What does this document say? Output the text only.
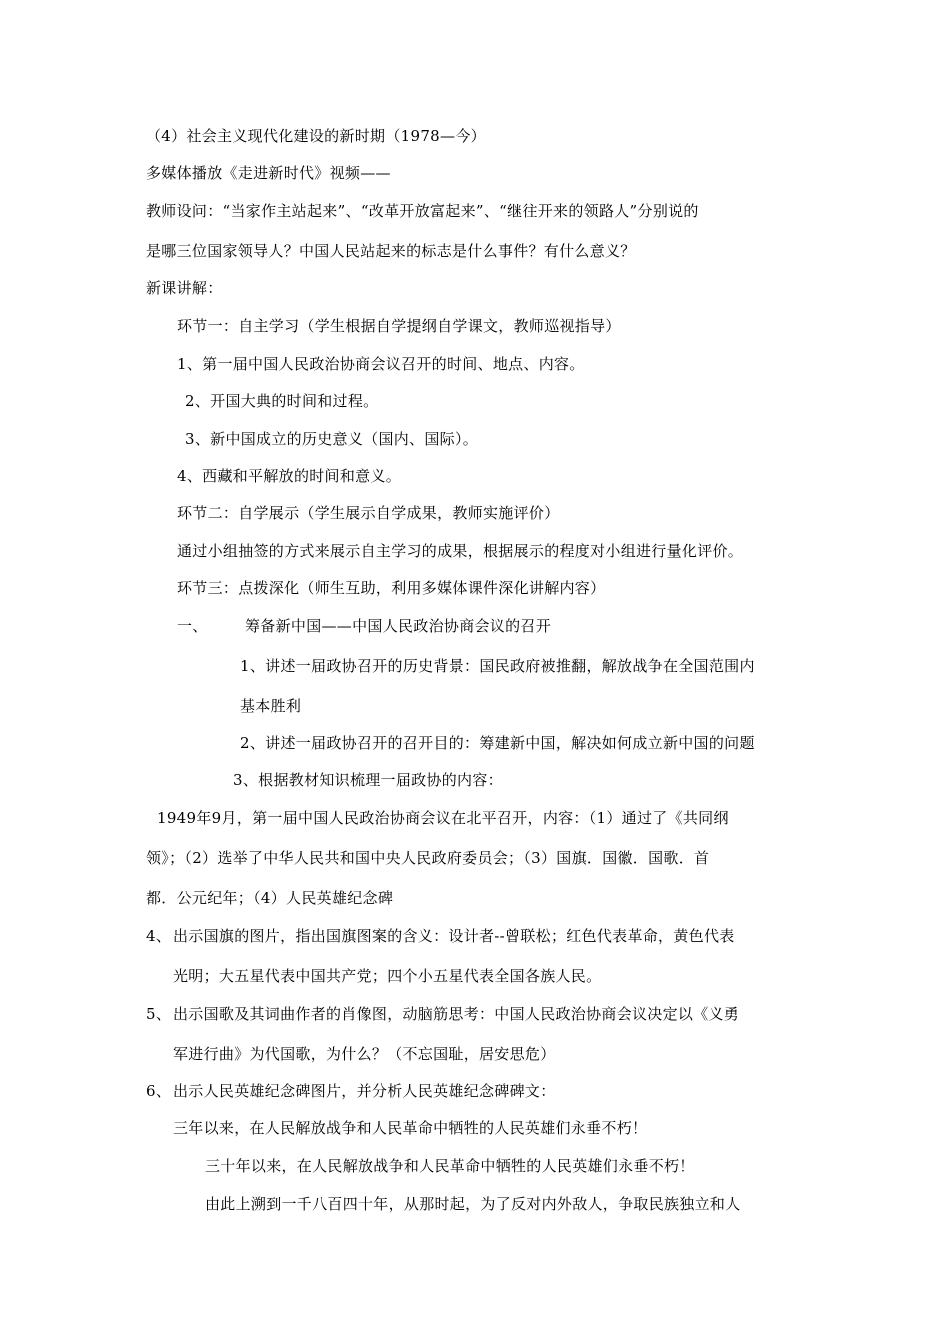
（4）社会主义现代化建设的新时期（1978—今）
多媒体播放《走进新时代》视频——
教师设问：“当家作主站起来”、“改革开放富起来”、“继往开来的领路人”分别说的
是哪三位国家领导人？中国人民站起来的标志是什么事件？有什么意义？
新课讲解：
环节一：自主学习（学生根据自学提纲自学课文，教师巡视指导）
1、第一届中国人民政治协商会议召开的时间、地点、内容。
2、开国大典的时间和过程。
3、新中国成立的历史意义（国内、国际）。
4、西藏和平解放的时间和意义。
环节二：自学展示（学生展示自学成果，教师实施评价）
通过小组抽签的方式来展示自主学习的成果，根据展示的程度对小组进行量化评价。
环节三：点拨深化（师生互助，利用多媒体课件深化讲解内容）
一、 筹备新中国——中国人民政治协商会议的召开
1、讲述一届政协召开的历史背景：国民政府被推翻，解放战争在全国范围内
基本胜利
2、讲述一届政协召开的召开目的：筹建新中国，解决如何成立新中国的问题
3、根据教材知识梳理一届政协的内容：
1949年9月，第一届中国人民政治协商会议在北平召开，内容：（1）通过了《共同纲
领》；（2）选举了中华人民共和国中央人民政府委员会；（3）国旗．国徽．国歌．首
都．公元纪年；（4）人民英雄纪念碑
4、 出示国旗的图片，指出国旗图案的含义：设计者--曾联松；红色代表革命，黄色代表
光明；大五星代表中国共产党；四个小五星代表全国各族人民。
5、 出示国歌及其词曲作者的肖像图，动脑筋思考：中国人民政治协商会议决定以《义勇
军进行曲》为代国歌，为什么？（不忘国耻，居安思危）
6、 出示人民英雄纪念碑图片，并分析人民英雄纪念碑碑文：
三年以来，在人民解放战争和人民革命中牺牲的人民英雄们永垂不朽！
三十年以来，在人民解放战争和人民革命中牺牲的人民英雄们永垂不朽！
由此上溯到一千八百四十年，从那时起，为了反对内外敌人，争取民族独立和人
